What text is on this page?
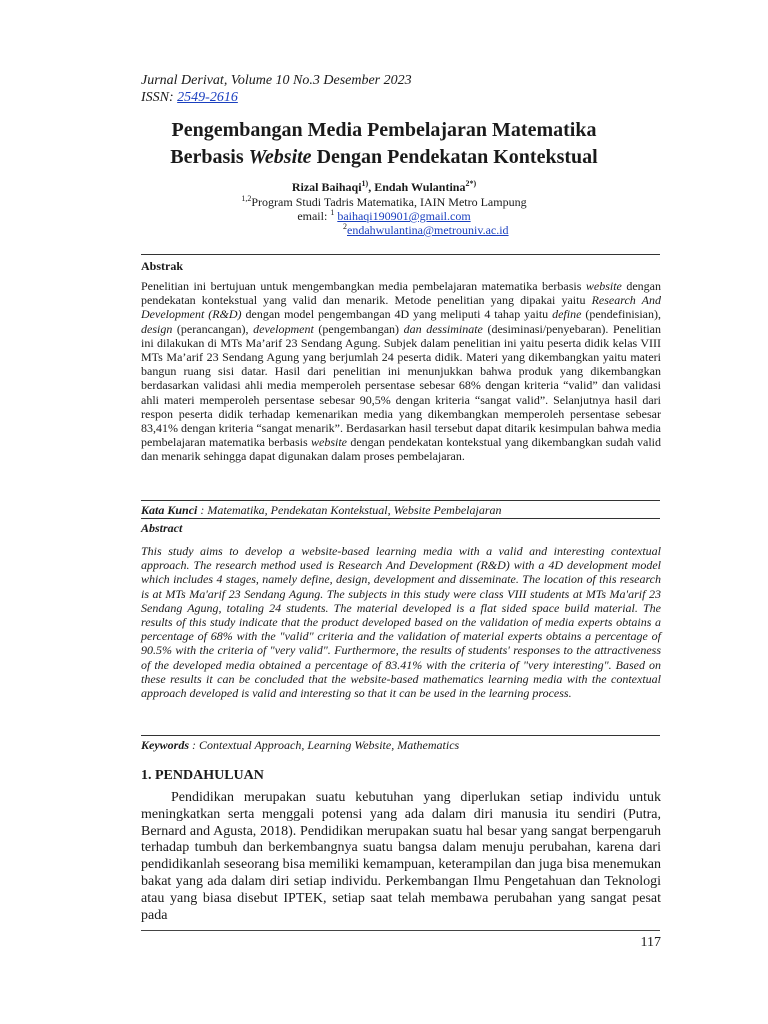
Jurnal Derivat, Volume 10 No.3 Desember 2023
ISSN: 2549-2616
Pengembangan Media Pembelajaran Matematika
Berbasis Website Dengan Pendekatan Kontekstual
Rizal Baihaqi$^{1)}$, Endah Wulantina$^{2*)}$
$^{1,2}$Program Studi Tadris Matematika, IAIN Metro Lampung
email: $^1$ baihaqi190901@gmail.com
$^2$endahwulantina@metrouniv.ac.id
Abstrak
Penelitian ini bertujuan untuk mengembangkan media pembelajaran matematika berbasis website dengan pendekatan kontekstual yang valid dan menarik. Metode penelitian yang dipakai yaitu Research And Development (R&D) dengan model pengembangan 4D yang meliputi 4 tahap yaitu define (pendefinisian), design (perancangan), development (pengembangan) dan dessiminate (desiminasi/penyebaran). Penelitian ini dilakukan di MTs Ma’arif 23 Sendang Agung. Subjek dalam penelitian ini yaitu peserta didik kelas VIII MTs Ma’arif 23 Sendang Agung yang berjumlah 24 peserta didik. Materi yang dikembangkan yaitu materi bangun ruang sisi datar. Hasil dari penelitian ini menunjukkan bahwa produk yang dikembangkan berdasarkan validasi ahli media memperoleh persentase sebesar 68% dengan kriteria “valid” dan validasi ahli materi memperoleh persentase sebesar 90,5% dengan kriteria “sangat valid”. Selanjutnya hasil dari respon peserta didik terhadap kemenarikan media yang dikembangkan memperoleh persentase sebesar 83,41% dengan kriteria “sangat menarik”. Berdasarkan hasil tersebut dapat ditarik kesimpulan bahwa media pembelajaran matematika berbasis website dengan pendekatan kontekstual yang dikembangkan sudah valid dan menarik sehingga dapat digunakan dalam proses pembelajaran.
Kata Kunci : Matematika, Pendekatan Kontekstual, Website Pembelajaran
Abstract
This study aims to develop a website-based learning media with a valid and interesting contextual approach. The research method used is Research And Development (R&D) with a 4D development model which includes 4 stages, namely define, design, development and disseminate. The location of this research is at MTs Ma'arif 23 Sendang Agung. The subjects in this study were class VIII students at MTs Ma'arif 23 Sendang Agung, totaling 24 students. The material developed is a flat sided space build material. The results of this study indicate that the product developed based on the validation of media experts obtains a percentage of 68% with the "valid" criteria and the validation of material experts obtains a percentage of 90.5% with the criteria of "very valid". Furthermore, the results of students' responses to the attractiveness of the developed media obtained a percentage of 83.41% with the criteria of "very interesting". Based on these results it can be concluded that the website-based mathematics learning media with the contextual approach developed is valid and interesting so that it can be used in the learning process.
Keywords : Contextual Approach, Learning Website, Mathematics
1. PENDAHULUAN
Pendidikan merupakan suatu kebutuhan yang diperlukan setiap individu untuk meningkatkan serta menggali potensi yang ada dalam diri manusia itu sendiri (Putra, Bernard and Agusta, 2018). Pendidikan merupakan suatu hal besar yang sangat berpengaruh terhadap tumbuh dan berkembangnya suatu bangsa dalam menuju perubahan, karena dari pendidikanlah seseorang bisa memiliki kemampuan, keterampilan dan juga bisa menemukan bakat yang ada dalam diri setiap individu. Perkembangan Ilmu Pengetahuan dan Teknologi atau yang biasa disebut IPTEK, setiap saat telah membawa perubahan yang sangat pesat pada
117
